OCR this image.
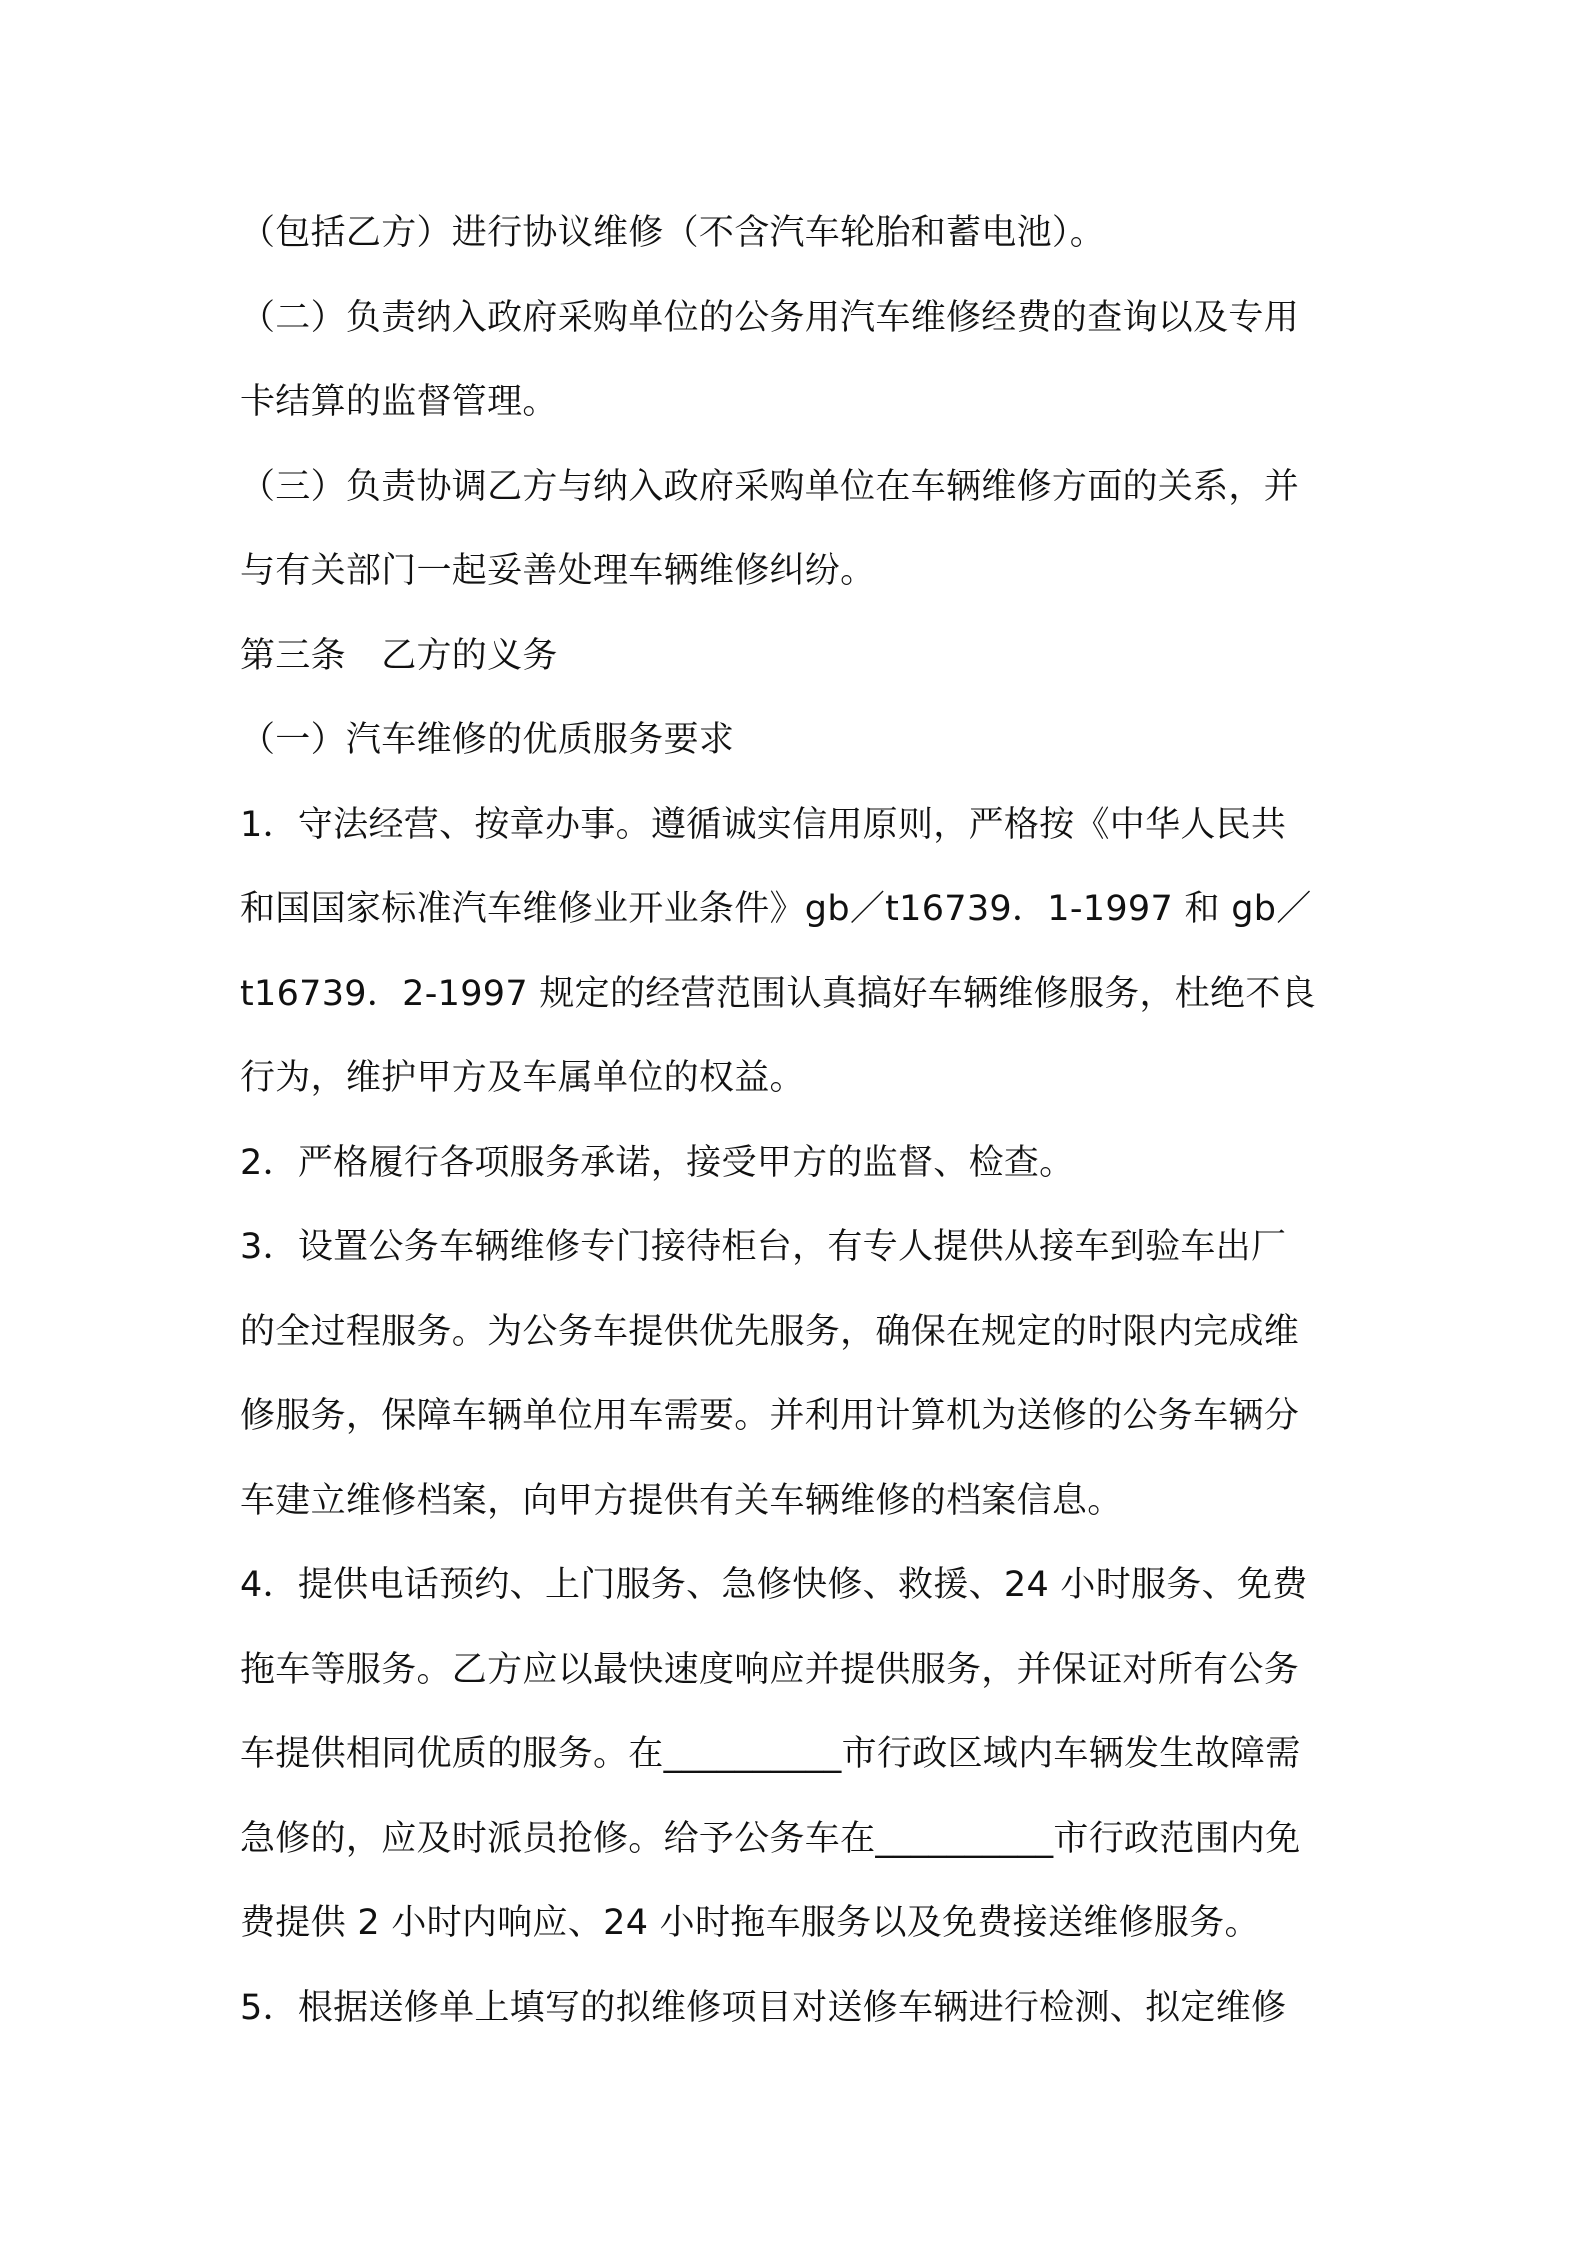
（包括乙方）进行协议维修（不含汽车轮胎和蓄电池）。
（二）负责纳入政府采购单位的公务用汽车维修经费的查询以及专用
卡结算的监督管理。
（三）负责协调乙方与纳入政府采购单位在车辆维修方面的关系，并
与有关部门一起妥善处理车辆维修纠纷。
第三条　乙方的义务
（一）汽车维修的优质服务要求
1．守法经营、按章办事。遵循诚实信用原则，严格按《中华人民共
和国国家标准汽车维修业开业条件》gb／t16739．1-1997 和 gb／
t16739．2-1997 规定的经营范围认真搞好车辆维修服务，杜绝不良
行为，维护甲方及车属单位的权益。
2．严格履行各项服务承诺，接受甲方的监督、检查。
3．设置公务车辆维修专门接待柜台，有专人提供从接车到验车出厂
的全过程服务。为公务车提供优先服务，确保在规定的时限内完成维
修服务，保障车辆单位用车需要。并利用计算机为送修的公务车辆分
车建立维修档案，向甲方提供有关车辆维修的档案信息。
4．提供电话预约、上门服务、急修快修、救援、24 小时服务、免费
拖车等服务。乙方应以最快速度响应并提供服务，并保证对所有公务
车提供相同优质的服务。在__________市行政区域内车辆发生故障需
急修的，应及时派员抢修。给予公务车在__________市行政范围内免
费提供 2 小时内响应、24 小时拖车服务以及免费接送维修服务。
5．根据送修单上填写的拟维修项目对送修车辆进行检测、拟定维修
